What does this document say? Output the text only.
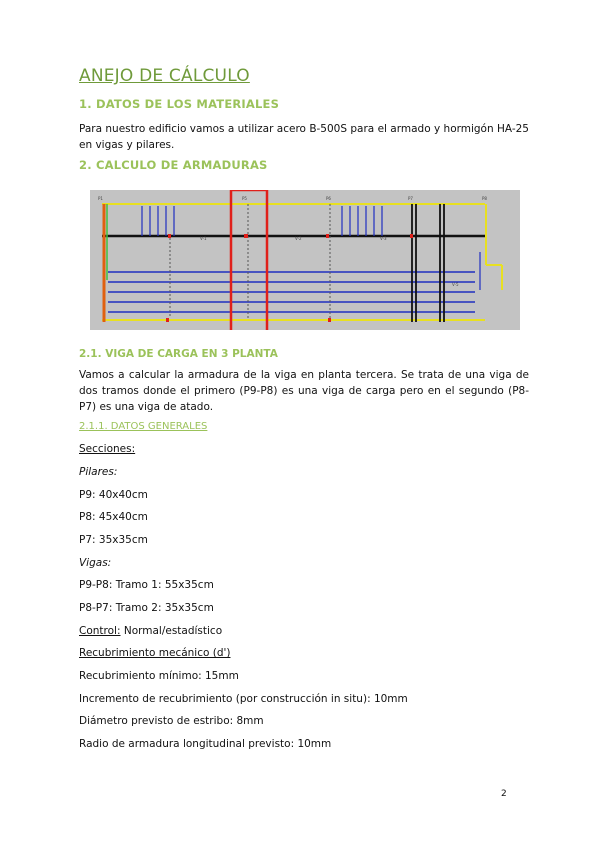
ANEJO DE CÁLCULO
1. DATOS DE LOS MATERIALES
Para nuestro edificio vamos a utilizar acero B-500S para el armado y hormigón HA-25 en vigas y pilares.
2. CALCULO DE ARMADURAS
P1	P5	P6	P7	P8
V-1	V-2	V-3
V-5
2.1. VIGA DE CARGA EN 3 PLANTA
Vamos a calcular la armadura de la viga en planta tercera. Se trata de una viga de dos tramos donde el primero (P9-P8) es una viga de carga pero en el segundo (P8-P7) es una viga de atado.
2.1.1. DATOS GENERALES
Secciones:
Pilares:
P9: 40x40cm
P8: 45x40cm
P7: 35x35cm
Vigas:
P9-P8: Tramo 1: 55x35cm
P8-P7: Tramo 2: 35x35cm
Control: Normal/estadístico
Recubrimiento mecánico (d')
Recubrimiento mínimo: 15mm
Incremento de recubrimiento (por construcción in situ): 10mm
Diámetro previsto de estribo: 8mm
Radio de armadura longitudinal previsto: 10mm
2
